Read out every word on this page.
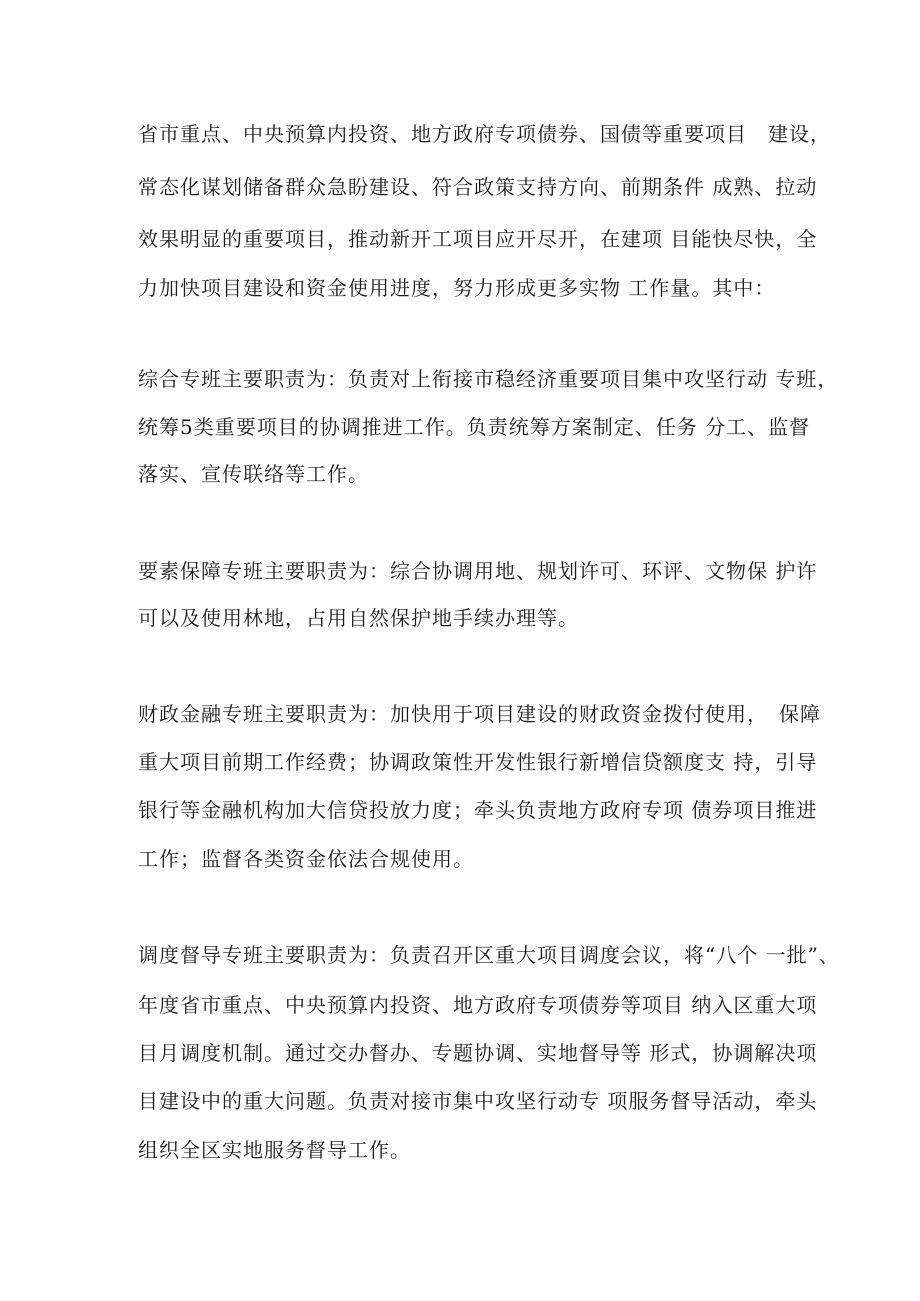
省市重点、中央预算内投资、地方政府专项债券、国债等重要项目　建设，
常态化谋划储备群众急盼建设、符合政策支持方向、前期条件 成熟、拉动
效果明显的重要项目，推动新开工项目应开尽开，在建项 目能快尽快，全
力加快项目建设和资金使用进度，努力形成更多实物 工作量。其中：
综合专班主要职责为：负责对上衔接市稳经济重要项目集中攻坚行动 专班，
统筹5类重要项目的协调推进工作。负责统筹方案制定、任务 分工、监督
落实、宣传联络等工作。
要素保障专班主要职责为：综合协调用地、规划许可、环评、文物保 护许
可以及使用林地，占用自然保护地手续办理等。
财政金融专班主要职责为：加快用于项目建设的财政资金拨付使用，　保障
重大项目前期工作经费；协调政策性开发性银行新增信贷额度支 持，引导
银行等金融机构加大信贷投放力度；牵头负责地方政府专项 债券项目推进
工作；监督各类资金依法合规使用。
调度督导专班主要职责为：负责召开区重大项目调度会议，将“八个 一批”、
年度省市重点、中央预算内投资、地方政府专项债券等项目 纳入区重大项
目月调度机制。通过交办督办、专题协调、实地督导等 形式，协调解决项
目建设中的重大问题。负责对接市集中攻坚行动专 项服务督导活动，牵头
组织全区实地服务督导工作。
